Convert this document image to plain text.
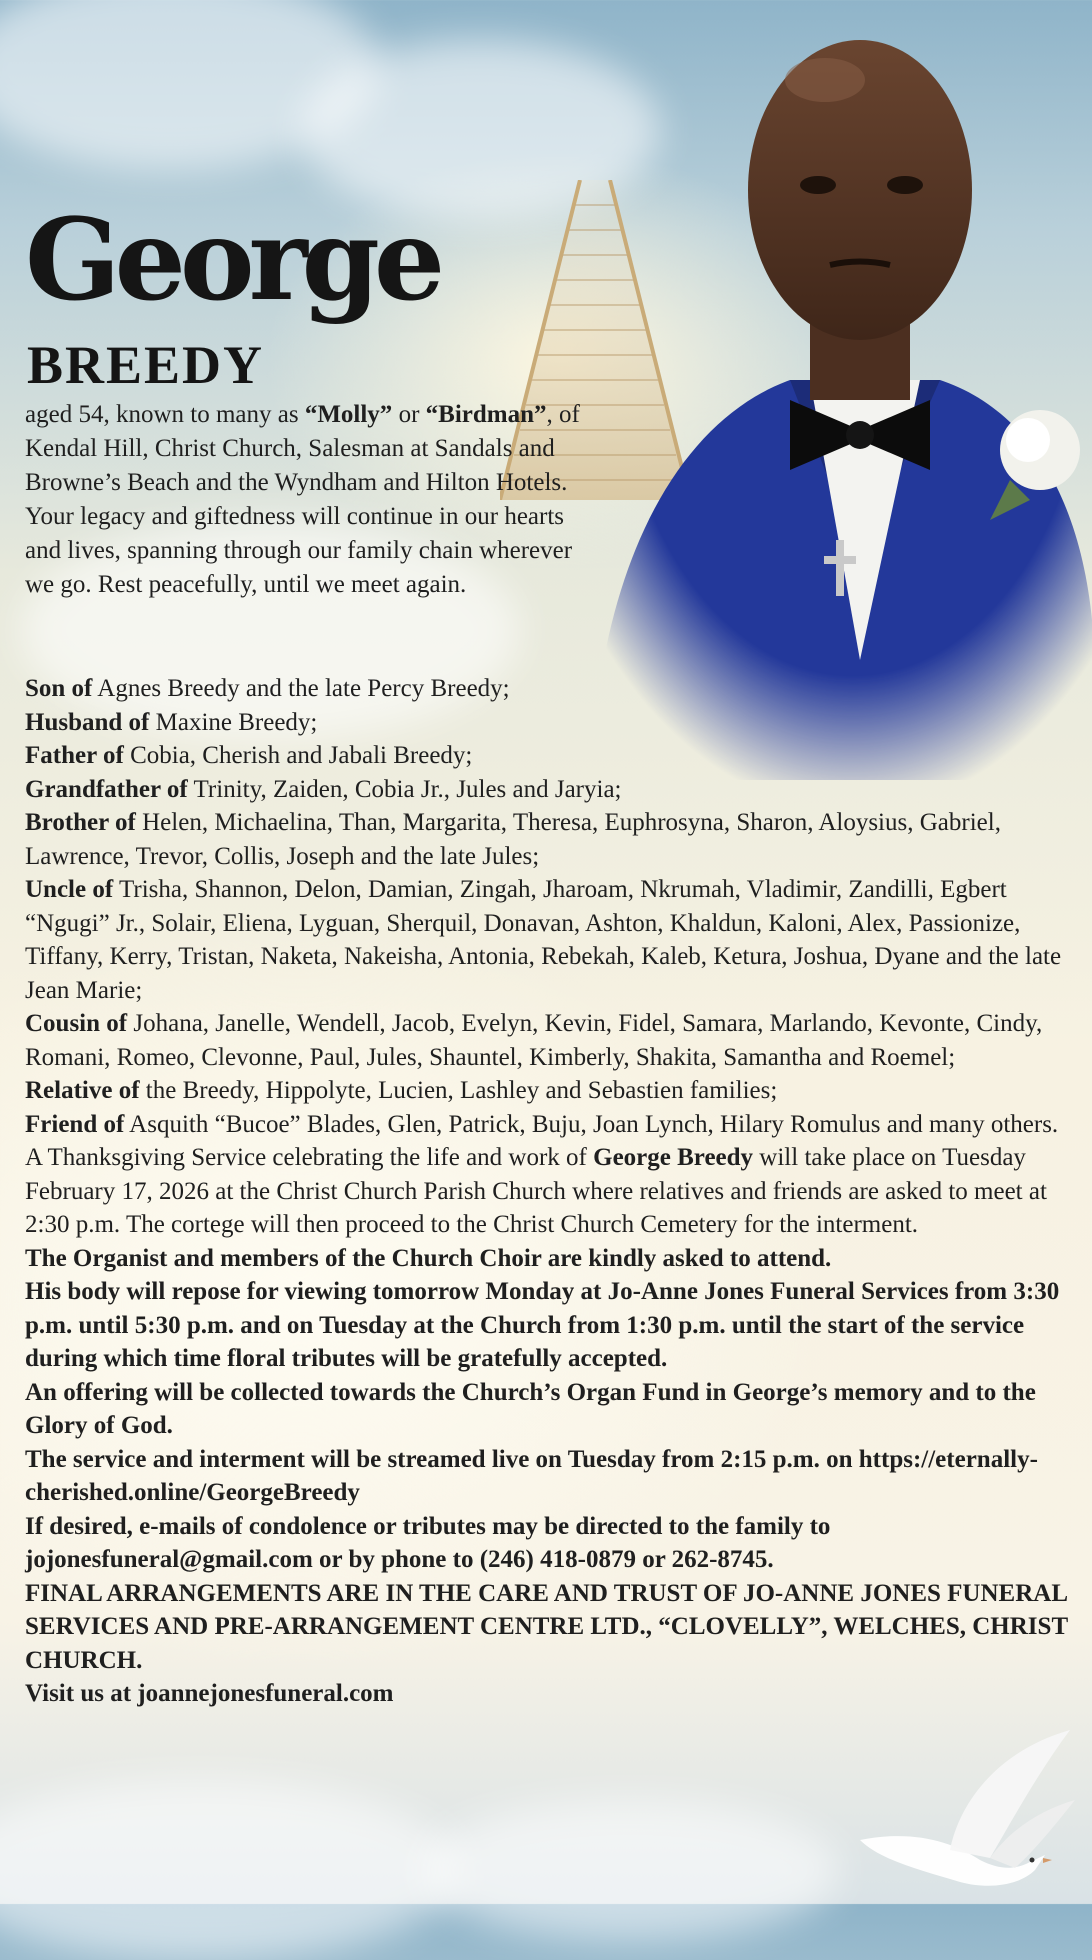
George
BREEDY

aged 54, known to many as “Molly” or “Birdman”, of Kendal Hill, Christ Church, Salesman at Sandals and Browne’s Beach and the Wyndham and Hilton Hotels. Your legacy and giftedness will continue in our hearts and lives, spanning through our family chain wherever we go. Rest peacefully, until we meet again.

Son of Agnes Breedy and the late Percy Breedy;

Husband of Maxine Breedy;

Father of Cobia, Cherish and Jabali Breedy;

Grandfather of Trinity, Zaiden, Cobia Jr., Jules and Jaryia;

Brother of Helen, Michaelina, Than, Margarita, Theresa, Euphrosyna, Sharon, Aloysius, Gabriel, Lawrence, Trevor, Collis, Joseph and the late Jules;

Uncle of Trisha, Shannon, Delon, Damian, Zingah, Jharoam, Nkrumah, Vladimir, Zandilli, Egbert “Ngugi” Jr., Solair, Eliena, Lyguan, Sherquil, Donavan, Ashton, Khaldun, Kaloni, Alex, Passionize, Tiffany, Kerry, Tristan, Naketa, Nakeisha, Antonia, Rebekah, Kaleb, Ketura, Joshua, Dyane and the late Jean Marie;

Cousin of Johana, Janelle, Wendell, Jacob, Evelyn, Kevin, Fidel, Samara, Marlando, Kevonte, Cindy, Romani, Romeo, Clevonne, Paul, Jules, Shauntel, Kimberly, Shakita, Samantha and Roemel;

Relative of the Breedy, Hippolyte, Lucien, Lashley and Sebastien families;

Friend of Asquith “Bucoe” Blades, Glen, Patrick, Buju, Joan Lynch, Hilary Romulus and many others.

A Thanksgiving Service celebrating the life and work of George Breedy will take place on Tuesday February 17, 2026 at the Christ Church Parish Church where relatives and friends are asked to meet at 2:30 p.m. The cortege will then proceed to the Christ Church Cemetery for the interment.

The Organist and members of the Church Choir are kindly asked to attend.

His body will repose for viewing tomorrow Monday at Jo-Anne Jones Funeral Services from 3:30 p.m. until 5:30 p.m. and on Tuesday at the Church from 1:30 p.m. until the start of the service during which time floral tributes will be gratefully accepted.

An offering will be collected towards the Church’s Organ Fund in George’s memory and to the Glory of God.

The service and interment will be streamed live on Tuesday from 2:15 p.m. on https://eternally-cherished.online/GeorgeBreedy

If desired, e-mails of condolence or tributes may be directed to the family to jojonesfuneral@gmail.com or by phone to (246) 418-0879 or 262-8745.

FINAL ARRANGEMENTS ARE IN THE CARE AND TRUST OF JO-ANNE JONES FUNERAL SERVICES AND PRE-ARRANGEMENT CENTRE LTD., “CLOVELLY”, WELCHES, CHRIST CHURCH.

Visit us at joannejonesfuneral.com
